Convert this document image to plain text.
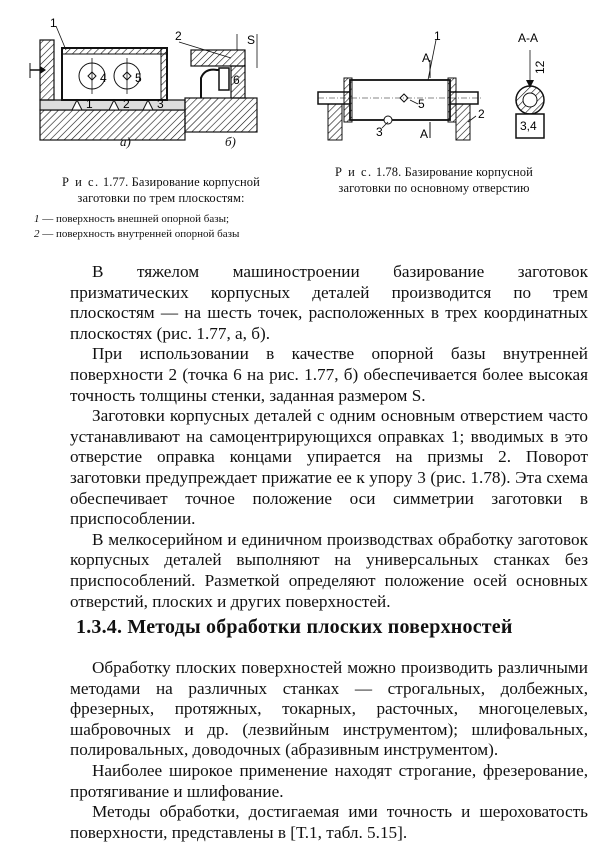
1
4 5
1	2 3
а)
2	S
6
б)
1
А
А
5
3
2
А-А
12
3,4
Р и с. 1.77. Базирование корпусной заготовки по трем плоскостям:
1 — поверхность внешней опорной базы;
2 — поверхность внутренней опорной базы
Р и с. 1.78. Базирование корпусной заготовки по основному отверстию

В тяжелом машиностроении базирование заготовок призматических корпусных деталей производится по трем плоскостям — на шесть точек, расположенных в трех координатных плоскостях (рис. 1.77, а, б).

При использовании в качестве опорной базы внутренней поверхности 2 (точка 6 на рис. 1.77, б) обеспечивается более высокая точность толщины стенки, заданная размером S.

Заготовки корпусных деталей с одним основным отверстием часто устанавливают на самоцентрирующихся оправках 1; вводимых в это отверстие оправка концами упирается на призмы 2. Поворот заготовки предупреждает прижатие ее к упору 3 (рис. 1.78). Эта схема обеспечивает точное положение оси симметрии заготовки в приспособлении.

В мелкосерийном и единичном производствах обработку заготовок корпусных деталей выполняют на универсальных станках без приспособлений. Разметкой определяют положение осей основных отверстий, плоских и других поверхностей.

1.3.4. Методы обработки плоских поверхностей

Обработку плоских поверхностей можно производить различными методами на различных станках — строгальных, долбежных, фрезерных, протяжных, токарных, расточных, многоцелевых, шабровочных и др. (лезвийным инструментом); шлифовальных, полировальных, доводочных (абразивным инструментом).

Наиболее широкое применение находят строгание, фрезерование, протягивание и шлифование.

Методы обработки, достигаемая ими точность и шероховатость поверхности, представлены в [Т.1, табл. 5.15].
